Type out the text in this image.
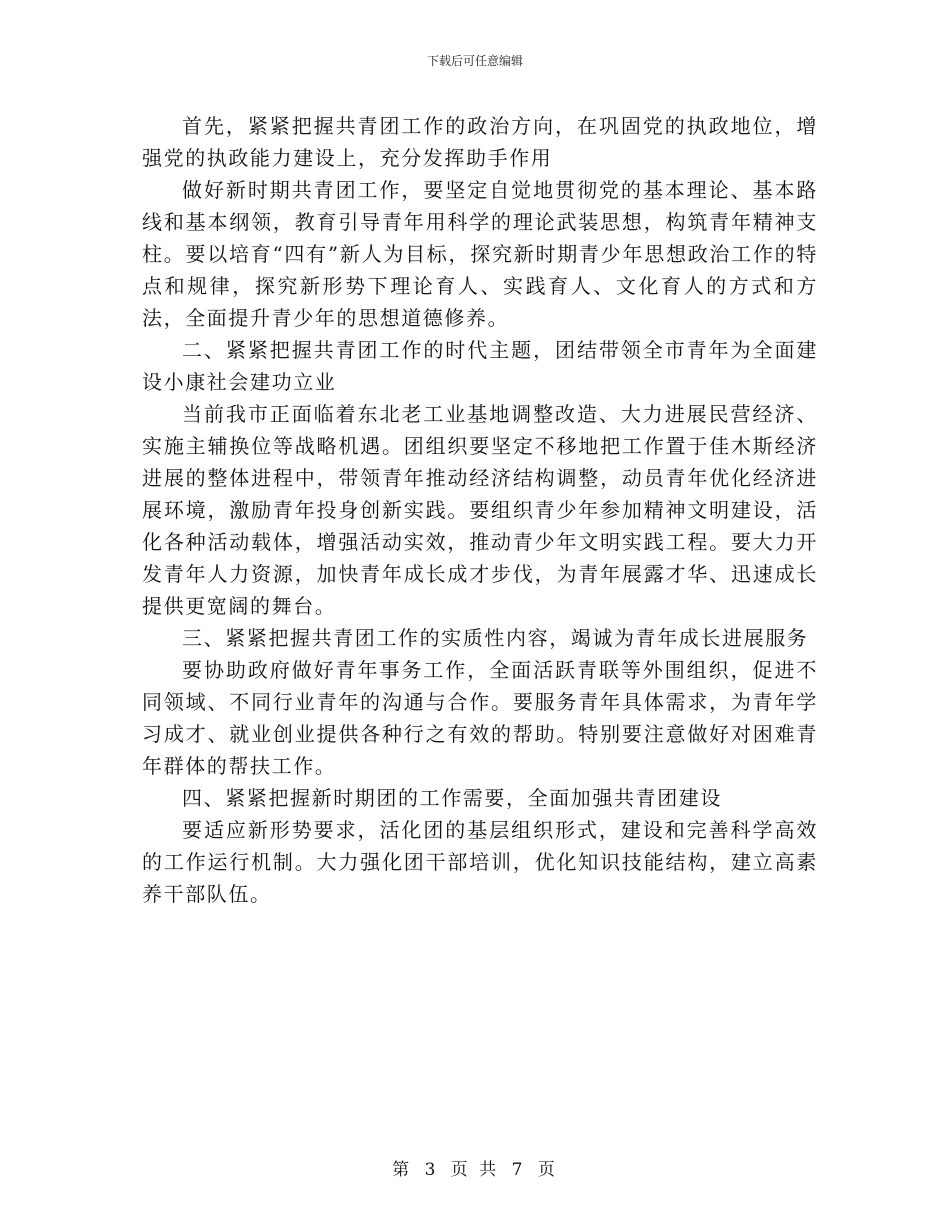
下载后可任意编辑

首先，紧紧把握共青团工作的政治方向，在巩固党的执政地位，增强党的执政能力建设上，充分发挥助手作用

做好新时期共青团工作，要坚定自觉地贯彻党的基本理论、基本路线和基本纲领，教育引导青年用科学的理论武装思想，构筑青年精神支柱。要以培育“四有”新人为目标，探究新时期青少年思想政治工作的特点和规律，探究新形势下理论育人、实践育人、文化育人的方式和方法，全面提升青少年的思想道德修养。

二、紧紧把握共青团工作的时代主题，团结带领全市青年为全面建设小康社会建功立业

当前我市正面临着东北老工业基地调整改造、大力进展民营经济、实施主辅换位等战略机遇。团组织要坚定不移地把工作置于佳木斯经济进展的整体进程中，带领青年推动经济结构调整，动员青年优化经济进展环境，激励青年投身创新实践。要组织青少年参加精神文明建设，活化各种活动载体，增强活动实效，推动青少年文明实践工程。要大力开发青年人力资源，加快青年成长成才步伐，为青年展露才华、迅速成长提供更宽阔的舞台。

三、紧紧把握共青团工作的实质性内容，竭诚为青年成长进展服务

要协助政府做好青年事务工作，全面活跃青联等外围组织，促进不同领域、不同行业青年的沟通与合作。要服务青年具体需求，为青年学习成才、就业创业提供各种行之有效的帮助。特别要注意做好对困难青年群体的帮扶工作。

四、紧紧把握新时期团的工作需要，全面加强共青团建设

要适应新形势要求，活化团的基层组织形式，建设和完善科学高效的工作运行机制。大力强化团干部培训，优化知识技能结构，建立高素养干部队伍。

第 3 页 共 7 页
